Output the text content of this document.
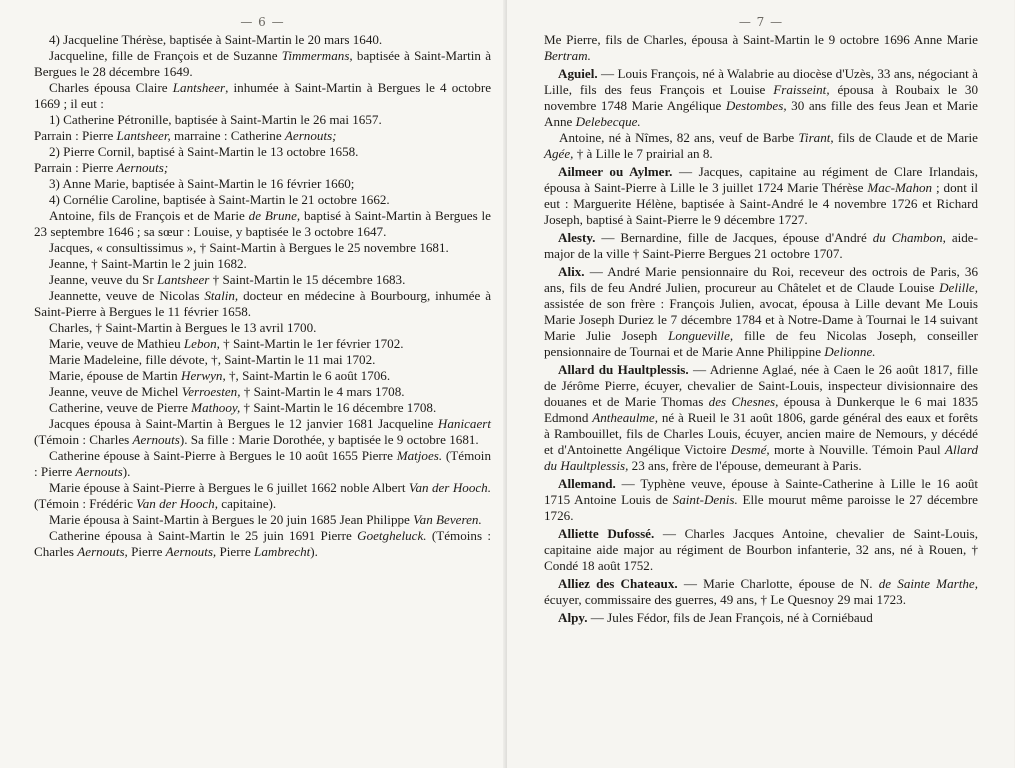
— 6 —

4) Jacqueline Thérèse, baptisée à Saint-Martin le 20 mars 1640.

Jacqueline, fille de François et de Suzanne Timmermans, baptisée à Saint-Martin à Bergues le 28 décembre 1649.

Charles épousa Claire Lantsheer, inhumée à Saint-Martin à Bergues le 4 octobre 1669 ; il eut :

1) Catherine Pétronille, baptisée à Saint-Martin le 26 mai 1657.

Parrain : Pierre Lantsheer, marraine : Catherine Aernouts;

2) Pierre Cornil, baptisé à Saint-Martin le 13 octobre 1658.

Parrain : Pierre Aernouts;

3) Anne Marie, baptisée à Saint-Martin le 16 février 1660;

4) Cornélie Caroline, baptisée à Saint-Martin le 21 octobre 1662.

Antoine, fils de François et de Marie de Brune, baptisé à Saint-Martin à Bergues le 23 septembre 1646 ; sa sœur : Louise, y baptisée le 3 octobre 1647.

Jacques, « consultissimus », † Saint-Martin à Bergues le 25 novembre 1681.

Jeanne, † Saint-Martin le 2 juin 1682.

Jeanne, veuve du Sr Lantsheer † Saint-Martin le 15 décembre 1683.

Jeannette, veuve de Nicolas Stalin, docteur en médecine à Bourbourg, inhumée à Saint-Pierre à Bergues le 11 février 1658.

Charles, † Saint-Martin à Bergues le 13 avril 1700.

Marie, veuve de Mathieu Lebon, † Saint-Martin le 1er février 1702.

Marie Madeleine, fille dévote, †, Saint-Martin le 11 mai 1702.

Marie, épouse de Martin Herwyn, †, Saint-Martin le 6 août 1706.

Jeanne, veuve de Michel Verroesten, † Saint-Martin le 4 mars 1708.

Catherine, veuve de Pierre Mathooy, † Saint-Martin le 16 décembre 1708.

Jacques épousa à Saint-Martin à Bergues le 12 janvier 1681 Jacqueline Hanicaert (Témoin : Charles Aernouts). Sa fille : Marie Dorothée, y baptisée le 9 octobre 1681.

Catherine épouse à Saint-Pierre à Bergues le 10 août 1655 Pierre Matjoes. (Témoin : Pierre Aernouts).

Marie épouse à Saint-Pierre à Bergues le 6 juillet 1662 noble Albert Van der Hooch. (Témoin : Frédéric Van der Hooch, capitaine).

Marie épousa à Saint-Martin à Bergues le 20 juin 1685 Jean Philippe Van Beveren.

Catherine épousa à Saint-Martin le 25 juin 1691 Pierre Goetgheluck. (Témoins : Charles Aernouts, Pierre Aernouts, Pierre Lambrecht).

— 7 —

Me Pierre, fils de Charles, épousa à Saint-Martin le 9 octobre 1696 Anne Marie Bertram.

Aguiel. — Louis François, né à Walabrie au diocèse d'Uzès, 33 ans, négociant à Lille, fils des feus François et Louise Fraisseint, épousa à Roubaix le 30 novembre 1748 Marie Angélique Destombes, 30 ans fille des feus Jean et Marie Anne Delebecque.

Antoine, né à Nîmes, 82 ans, veuf de Barbe Tirant, fils de Claude et de Marie Agée, † à Lille le 7 prairial an 8.

Ailmeer ou Aylmer. — Jacques, capitaine au régiment de Clare Irlandais, épousa à Saint-Pierre à Lille le 3 juillet 1724 Marie Thérèse Mac-Mahon ; dont il eut : Marguerite Hélène, baptisée à Saint-André le 4 novembre 1726 et Richard Joseph, baptisé à Saint-Pierre le 9 décembre 1727.

Alesty. — Bernardine, fille de Jacques, épouse d'André du Chambon, aide-major de la ville † Saint-Pierre Bergues 21 octobre 1707.

Alix. — André Marie pensionnaire du Roi, receveur des octrois de Paris, 36 ans, fils de feu André Julien, procureur au Châtelet et de Claude Louise Delille, assistée de son frère : François Julien, avocat, épousa à Lille devant Me Louis Marie Joseph Duriez le 7 décembre 1784 et à Notre-Dame à Tournai le 14 suivant Marie Julie Joseph Longueville, fille de feu Nicolas Joseph, conseiller pensionnaire de Tournai et de Marie Anne Philippine Delionne.

Allard du Haultplessis. — Adrienne Aglaé, née à Caen le 26 août 1817, fille de Jérôme Pierre, écuyer, chevalier de Saint-Louis, inspecteur divisionnaire des douanes et de Marie Thomas des Chesnes, épousa à Dunkerque le 6 mai 1835 Edmond Antheaulme, né à Rueil le 31 août 1806, garde général des eaux et forêts à Rambouillet, fils de Charles Louis, écuyer, ancien maire de Nemours, y décédé et d'Antoinette Angélique Victoire Desmé, morte à Nouville. Témoin Paul Allard du Haultplessis, 23 ans, frère de l'épouse, demeurant à Paris.

Allemand. — Typhène veuve, épouse à Sainte-Catherine à Lille le 16 août 1715 Antoine Louis de Saint-Denis. Elle mourut même paroisse le 27 décembre 1726.

Alliette Dufossé. — Charles Jacques Antoine, chevalier de Saint-Louis, capitaine aide major au régiment de Bourbon infanterie, 32 ans, né à Rouen, † Condé 18 août 1752.

Alliez des Chateaux. — Marie Charlotte, épouse de N. de Sainte Marthe, écuyer, commissaire des guerres, 49 ans, † Le Quesnoy 29 mai 1723.

Alpy. — Jules Fédor, fils de Jean François, né à Corniébaud
